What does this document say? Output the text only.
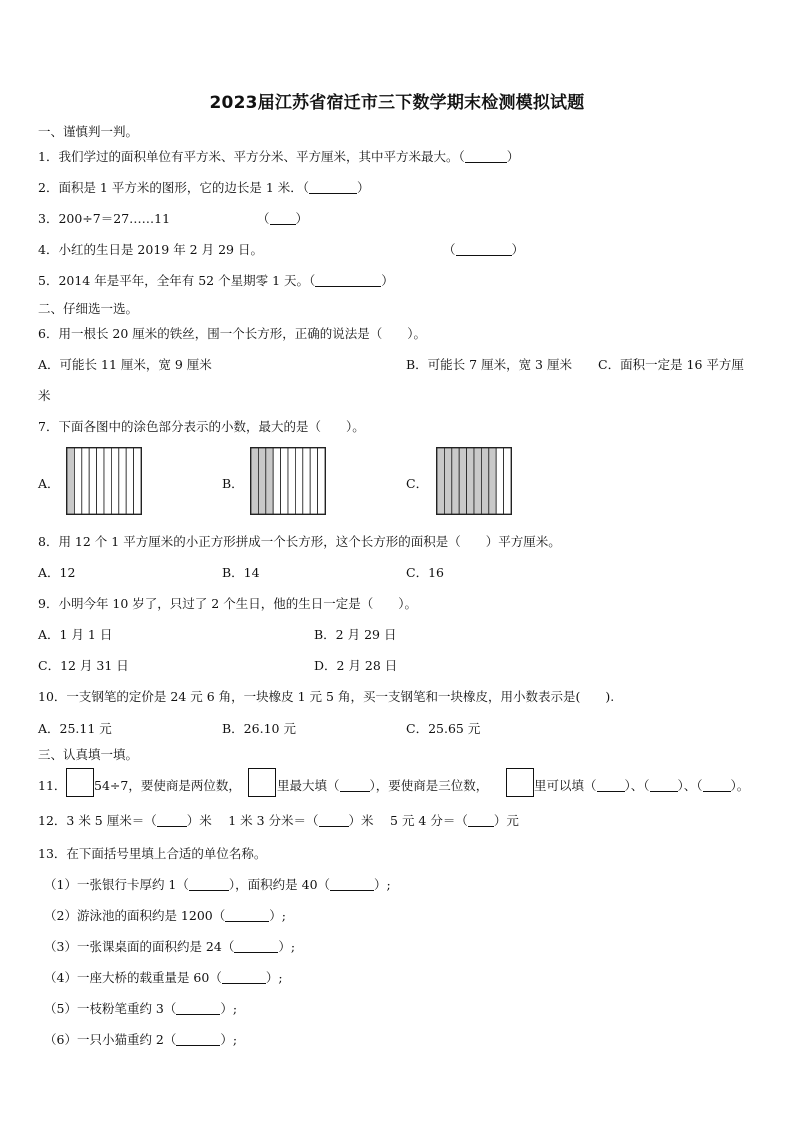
2023届江苏省宿迁市三下数学期末检测模拟试题
一、谨慎判一判。
1．我们学过的面积单位有平方米、平方分米、平方厘米，其中平方米最大。（	）
2．面积是 1 平方米的图形，它的边长是 1 米．（	）
3．200÷7＝27……11	（ ）
4．小红的生日是 2019 年 2 月 29 日。	（	）
5．2014 年是平年，全年有 52 个星期零 1 天。（	）
二、仔细选一选。
6．用一根长 20 厘米的铁丝，围一个长方形，正确的说法是（　　）。
A．可能长 11 厘米，宽 9 厘米	B．可能长 7 厘米，宽 3 厘米 C．面积一定是 16 平方厘
米
7．下面各图中的涂色部分表示的小数，最大的是（　　）。
A．	B．	C．
8．用 12 个 1 平方厘米的小正方形拼成一个长方形，这个长方形的面积是（　　）平方厘米。
A．12	B．14	C．16
9．小明今年 10 岁了，只过了 2 个生日，他的生日一定是（　　）。
A．1 月 1 日	B．2 月 29 日
C．12 月 31 日	D．2 月 28 日
10．一支钢笔的定价是 24 元 6 角，一块橡皮 1 元 5 角，买一支钢笔和一块橡皮，用小数表示是(　　).
A．25.11 元	B．26.10 元	C．25.65 元
三、认真填一填。
11． 54÷7，要使商是两位数，	里最大填（ ），要使商是三位数，	里可以填（ ）、（ ）、（ ）。
12．3 米 5 厘米＝（ ）米　 1 米 3 分米＝（ ）米　 5 元 4 分＝（ ）元
13．在下面括号里填上合适的单位名称。
（1）一张银行卡厚约 1（	），面积约是 40（	）;
（2）游泳池的面积约是 1200（	）;
（3）一张课桌面的面积约是 24（	）;
（4）一座大桥的载重量是 60（	）;
（5）一枝粉笔重约 3（	）;
（6）一只小猫重约 2（	）;
